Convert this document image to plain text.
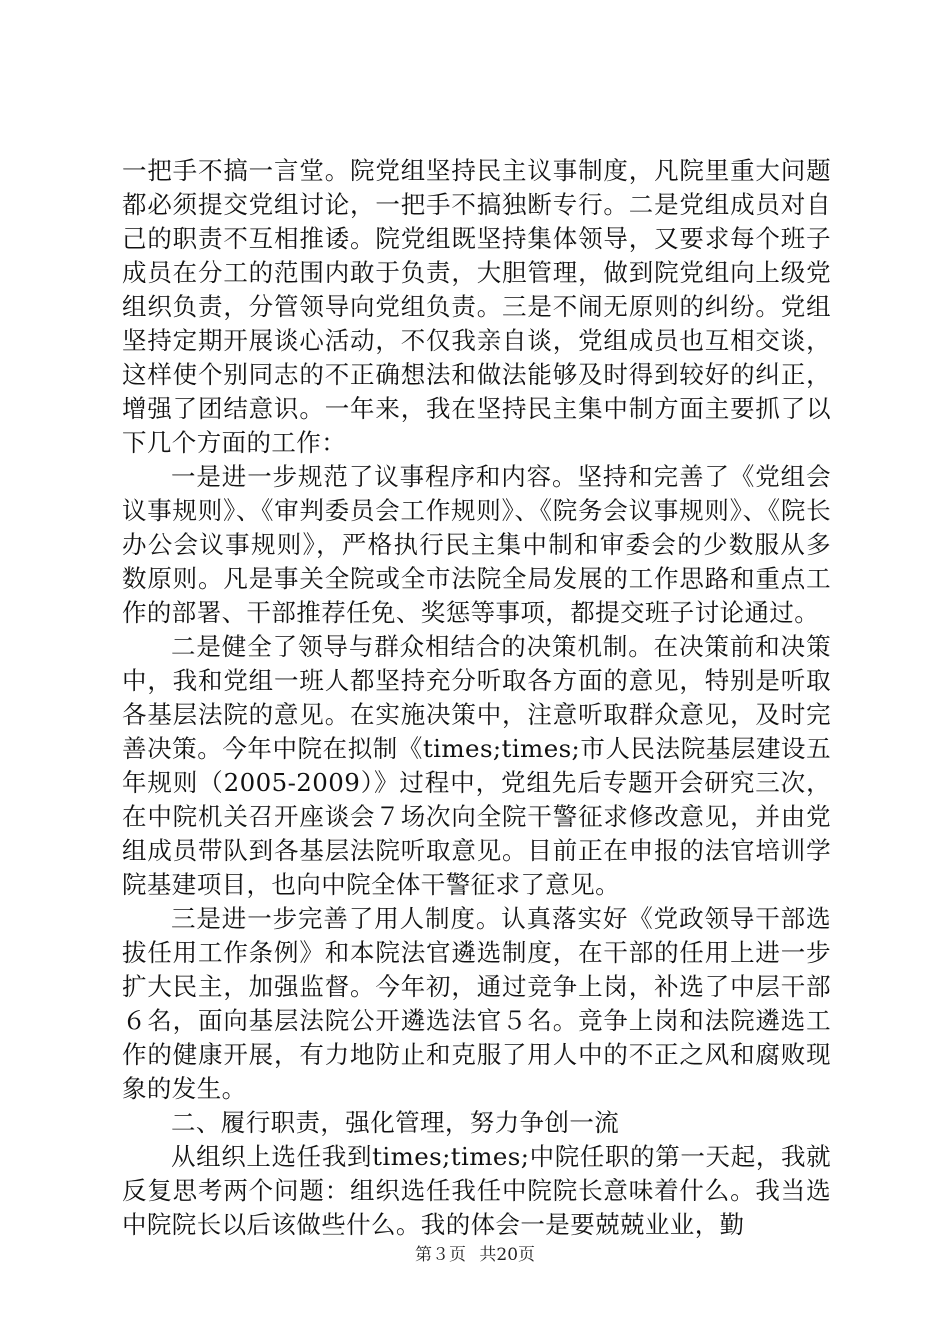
一把手不搞一言堂。院党组坚持民主议事制度，凡院里重大问题都必须提交党组讨论，一把手不搞独断专行。二是党组成员对自己的职责不互相推诿。院党组既坚持集体领导，又要求每个班子成员在分工的范围内敢于负责，大胆管理，做到院党组向上级党组织负责，分管领导向党组负责。三是不闹无原则的纠纷。党组坚持定期开展谈心活动，不仅我亲自谈，党组成员也互相交谈，这样使个别同志的不正确想法和做法能够及时得到较好的纠正，增强了团结意识。一年来，我在坚持民主集中制方面主要抓了以下几个方面的工作：

一是进一步规范了议事程序和内容。坚持和完善了《党组会议事规则》、《审判委员会工作规则》、《院务会议事规则》、《院长办公会议事规则》，严格执行民主集中制和审委会的少数服从多数原则。凡是事关全院或全市法院全局发展的工作思路和重点工作的部署、干部推荐任免、奖惩等事项，都提交班子讨论通过。

二是健全了领导与群众相结合的决策机制。在决策前和决策中，我和党组一班人都坚持充分听取各方面的意见，特别是听取各基层法院的意见。在实施决策中，注意听取群众意见，及时完善决策。今年中院在拟制《times;times;市人民法院基层建设五年规则（2005-2009）》过程中，党组先后专题开会研究三次，在中院机关召开座谈会７场次向全院干警征求修改意见，并由党组成员带队到各基层法院听取意见。目前正在申报的法官培训学院基建项目，也向中院全体干警征求了意见。

三是进一步完善了用人制度。认真落实好《党政领导干部选拔任用工作条例》和本院法官遴选制度，在干部的任用上进一步扩大民主，加强监督。今年初，通过竞争上岗，补选了中层干部６名，面向基层法院公开遴选法官５名。竞争上岗和法院遴选工作的健康开展，有力地防止和克服了用人中的不正之风和腐败现象的发生。

二、履行职责，强化管理，努力争创一流

从组织上选任我到times;times;中院任职的第一天起，我就反复思考两个问题：组织选任我任中院院长意味着什么。我当选中院院长以后该做些什么。我的体会一是要兢兢业业，勤

第３页 共20页
